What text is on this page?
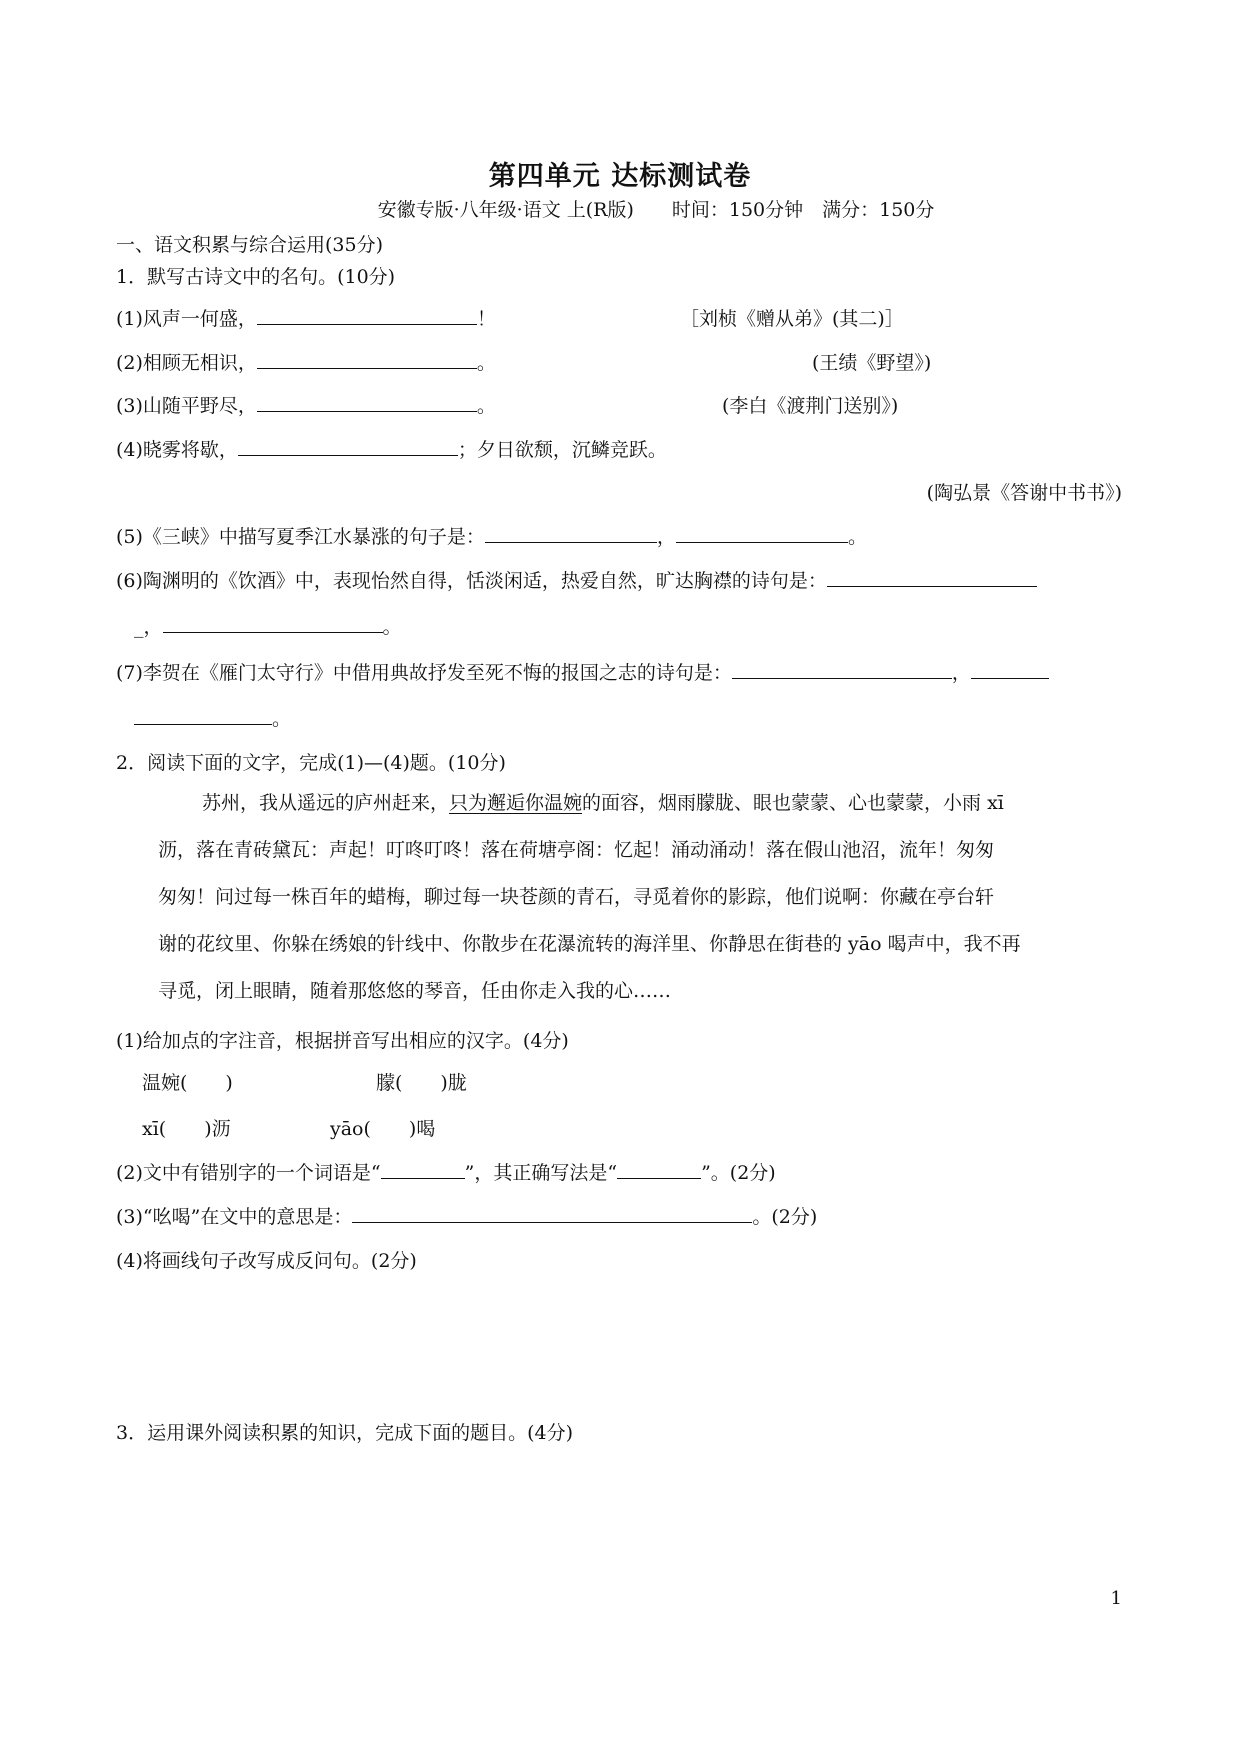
第四单元 达标测试卷
安徽专版·八年级·语文 上(R版)　　时间：150分钟　满分：150分
一、语文积累与综合运用(35分)
1．默写古诗文中的名句。(10分)
(1)风声一何盛，	！	［刘桢《赠从弟》(其二)］
(2)相顾无相识，	。	(王绩《野望》)
(3)山随平野尽，	。	(李白《渡荆门送别》)
(4)晓雾将歇，	；夕日欲颓，沉鳞竞跃。
(陶弘景《答谢中书书》)
(5)《三峡》中描写夏季江水暴涨的句子是：	，	。
(6)陶渊明的《饮酒》中，表现怡然自得，恬淡闲适，热爱自然，旷达胸襟的诗句是：
_，	。
(7)李贺在《雁门太守行》中借用典故抒发至死不悔的报国之志的诗句是：	，
。
2．阅读下面的文字，完成(1)—(4)题。(10分)
苏州，我从遥远的庐州赶来，只为邂逅你温婉的面容，烟雨朦胧、眼也蒙蒙、心也蒙蒙，小雨 xī
沥，落在青砖黛瓦：声起！叮咚叮咚！落在荷塘亭阁：忆起！涌动涌动！落在假山池沼，流年！匆匆
匆匆！问过每一株百年的蜡梅，聊过每一块苍颜的青石，寻觅着你的影踪，他们说啊：你藏在亭台轩
谢的花纹里、你躲在绣娘的针线中、你散步在花瀑流转的海洋里、你静思在街巷的 yāo 喝声中，我不再
寻觅，闭上眼睛，随着那悠悠的琴音，任由你走入我的心……
(1)给加点的字注音，根据拼音写出相应的汉字。(4分)
温婉(　　)	朦(　　)胧
xī(　　)沥	yāo(　　)喝
(2)文中有错别字的一个词语是“	”，其正确写法是“	”。(2分)
(3)“吆喝”在文中的意思是：	。(2分)
(4)将画线句子改写成反问句。(2分)
3．运用课外阅读积累的知识，完成下面的题目。(4分)
1
